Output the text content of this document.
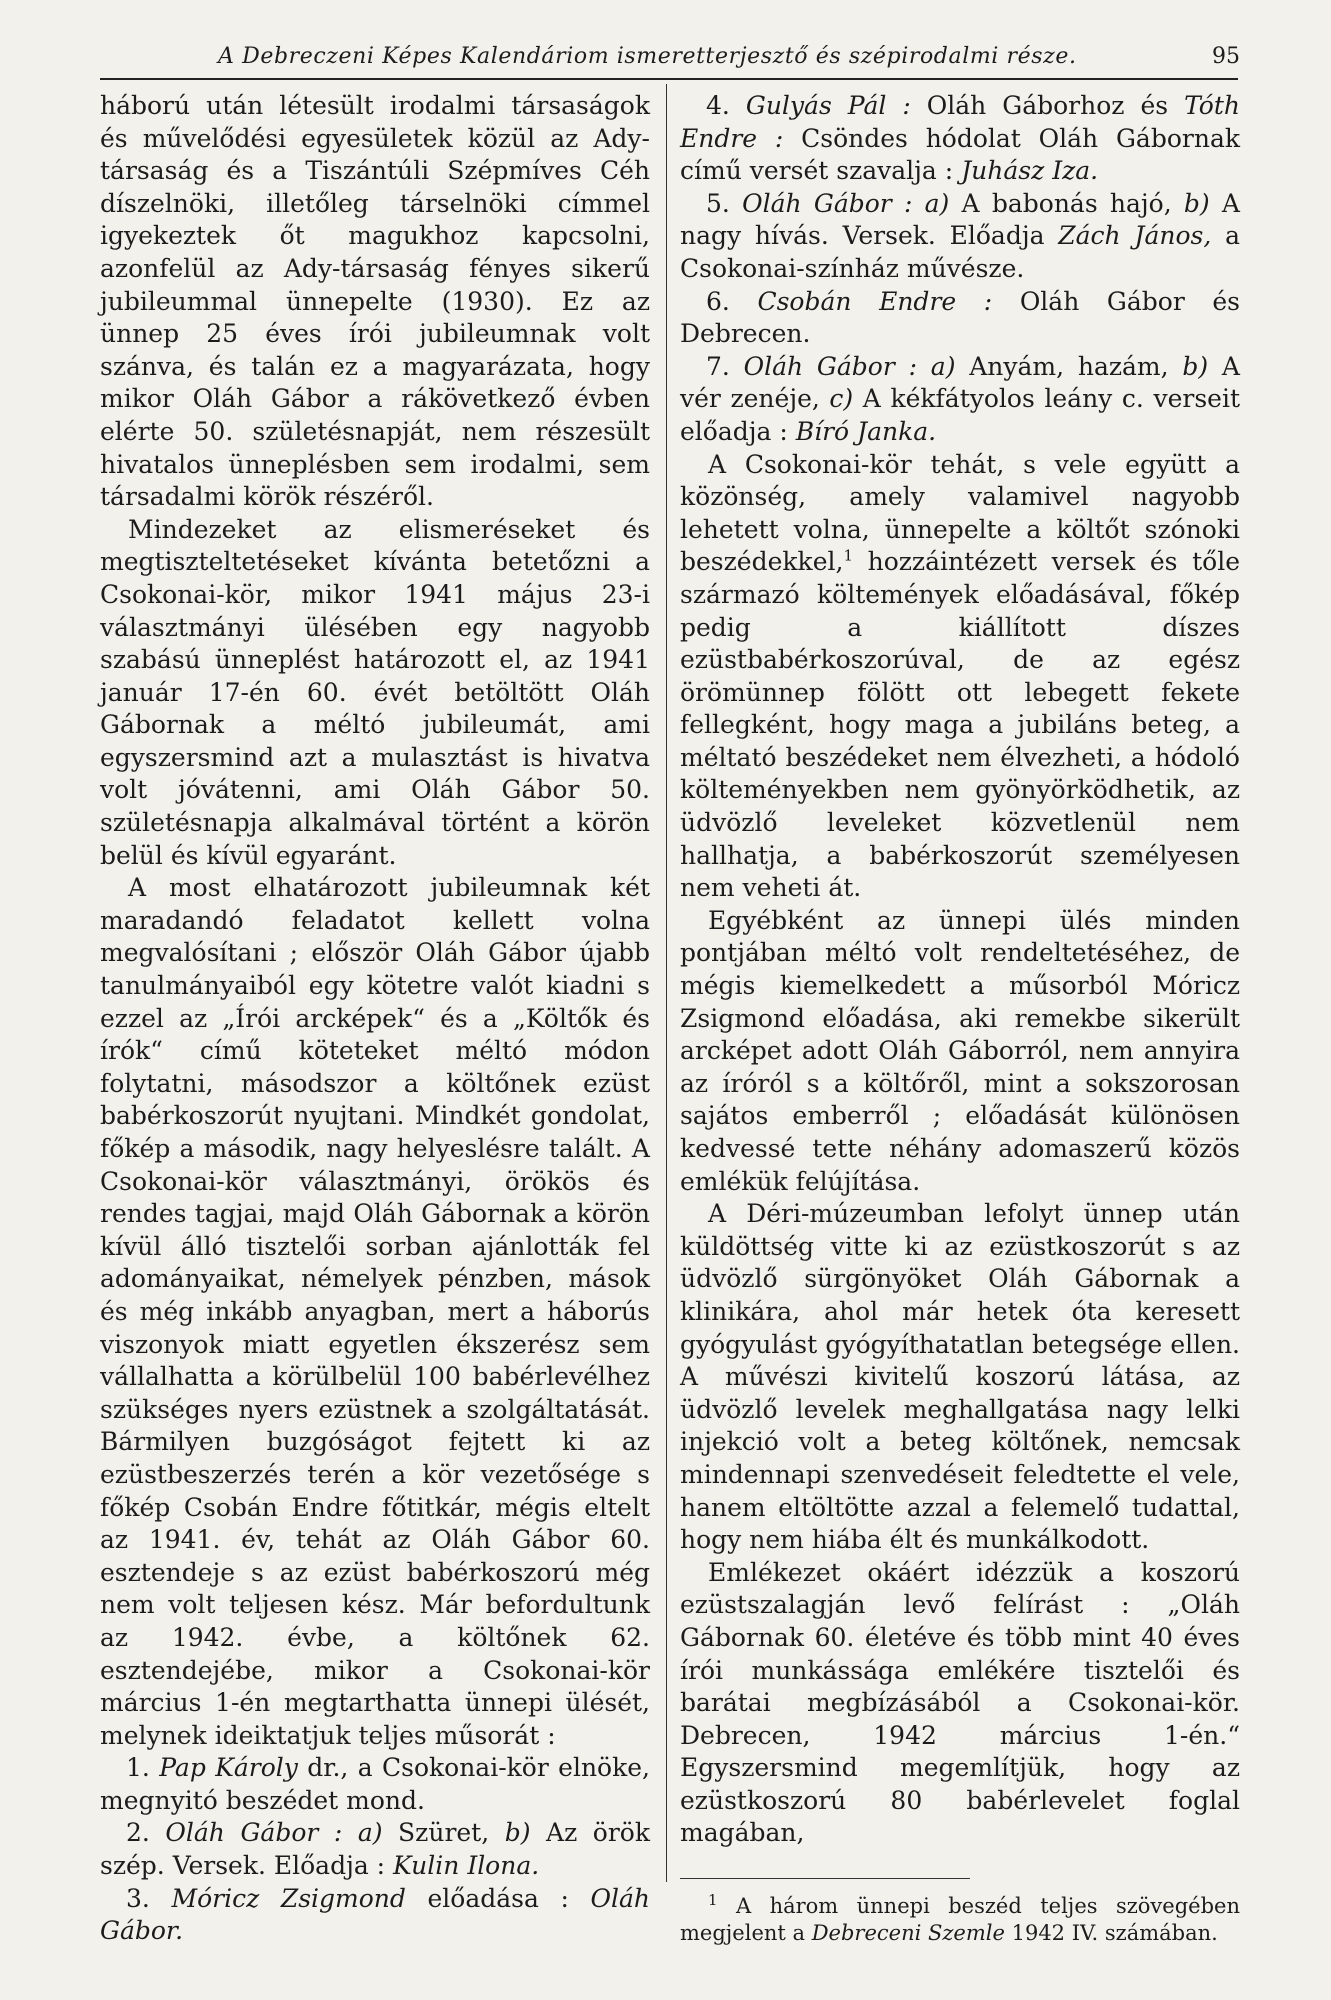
A Debreczeni Képes Kalendáriom ismeretterjesztő és szépirodalmi része.	95

háború után létesült irodalmi társaságok és művelődési egyesületek közül az Ady-társaság és a Tiszántúli Szépmíves Céh díszelnöki, illetőleg társelnöki címmel igyekeztek őt magukhoz kapcsolni, azonfelül az Ady-társaság fényes sikerű jubileummal ünnepelte (1930). Ez az ünnep 25 éves írói jubileumnak volt szánva, és talán ez a magyarázata, hogy mikor Oláh Gábor a rákövetkező évben elérte 50. születésnapját, nem részesült hivatalos ünneplésben sem irodalmi, sem társadalmi körök részéről.

Mindezeket az elismeréseket és megtiszteltetéseket kívánta betetőzni a Csokonai-kör, mikor 1941 május 23-i választmányi ülésében egy nagyobb szabású ünneplést határozott el, az 1941 január 17-én 60. évét betöltött Oláh Gábornak a méltó jubileumát, ami egyszersmind azt a mulasztást is hivatva volt jóvátenni, ami Oláh Gábor 50. születésnapja alkalmával történt a körön belül és kívül egyaránt.

A most elhatározott jubileumnak két maradandó feladatot kellett volna megvalósítani ; először Oláh Gábor újabb tanulmányaiból egy kötetre valót kiadni s ezzel az „Írói arcképek“ és a „Költők és írók“ című köteteket méltó módon folytatni, másodszor a költőnek ezüst babérkoszorút nyujtani. Mindkét gondolat, főkép a második, nagy helyeslésre talált. A Csokonai-kör választmányi, örökös és rendes tagjai, majd Oláh Gábornak a körön kívül álló tisztelői sorban ajánlották fel adományaikat, némelyek pénzben, mások és még inkább anyagban, mert a háborús viszonyok miatt egyetlen ékszerész sem vállalhatta a körülbelül 100 babérlevélhez szükséges nyers ezüstnek a szolgáltatását. Bármilyen buzgóságot fejtett ki az ezüstbeszerzés terén a kör vezetősége s főkép Csobán Endre főtitkár, mégis eltelt az 1941. év, tehát az Oláh Gábor 60. esztendeje s az ezüst babérkoszorú még nem volt teljesen kész. Már befordultunk az 1942. évbe, a költőnek 62. esztendejébe, mikor a Csokonai-kör március 1-én megtarthatta ünnepi ülését, melynek ideiktatjuk teljes műsorát :

1. Pap Károly dr., a Csokonai-kör elnöke, megnyitó beszédet mond.

2. Oláh Gábor : a) Szüret, b) Az örök szép. Versek. Előadja : Kulin Ilona.

3. Móricz Zsigmond előadása : Oláh Gábor.

4. Gulyás Pál : Oláh Gáborhoz és Tóth Endre : Csöndes hódolat Oláh Gábornak című versét szavalja : Juhász Iza.

5. Oláh Gábor : a) A babonás hajó, b) A nagy hívás. Versek. Előadja Zách János, a Csokonai-színház művésze.

6. Csobán Endre : Oláh Gábor és Debrecen.

7. Oláh Gábor : a) Anyám, hazám, b) A vér zenéje, c) A kékfátyolos leány c. verseit előadja : Bíró Janka.

A Csokonai-kör tehát, s vele együtt a közönség, amely valamivel nagyobb lehetett volna, ünnepelte a költőt szónoki beszédekkel,$^1$ hozzáintézett versek és tőle származó költemények előadásával, főkép pedig a kiállított díszes ezüstbabérkoszorúval, de az egész örömünnep fölött ott lebegett fekete fellegként, hogy maga a jubiláns beteg, a méltató beszédeket nem élvezheti, a hódoló költeményekben nem gyönyörködhetik, az üdvözlő leveleket közvetlenül nem hallhatja, a babérkoszorút személyesen nem veheti át.

Egyébként az ünnepi ülés minden pontjában méltó volt rendeltetéséhez, de mégis kiemelkedett a műsorból Móricz Zsigmond előadása, aki remekbe sikerült arcképet adott Oláh Gáborról, nem annyira az íróról s a költőről, mint a sokszorosan sajátos emberről ; előadását különösen kedvessé tette néhány adomaszerű közös emlékük felújítása.

A Déri-múzeumban lefolyt ünnep után küldöttség vitte ki az ezüstkoszorút s az üdvözlő sürgönyöket Oláh Gábornak a klinikára, ahol már hetek óta keresett gyógyulást gyógyíthatatlan betegsége ellen. A művészi kivitelű koszorú látása, az üdvözlő levelek meghallgatása nagy lelki injekció volt a beteg költőnek, nemcsak mindennapi szenvedéseit feledtette el vele, hanem eltöltötte azzal a felemelő tudattal, hogy nem hiába élt és munkálkodott.

Emlékezet okáért idézzük a koszorú ezüstszalagján levő felírást : „Oláh Gábornak 60. életéve és több mint 40 éves írói munkássága emlékére tisztelői és barátai megbízásából a Csokonai-kör. Debrecen, 1942 március 1-én.“ Egyszersmind megemlítjük, hogy az ezüstkoszorú 80 babérlevelet foglal magában,

$^1$ A három ünnepi beszéd teljes szövegében megjelent a Debreceni Szemle 1942 IV. számában.
